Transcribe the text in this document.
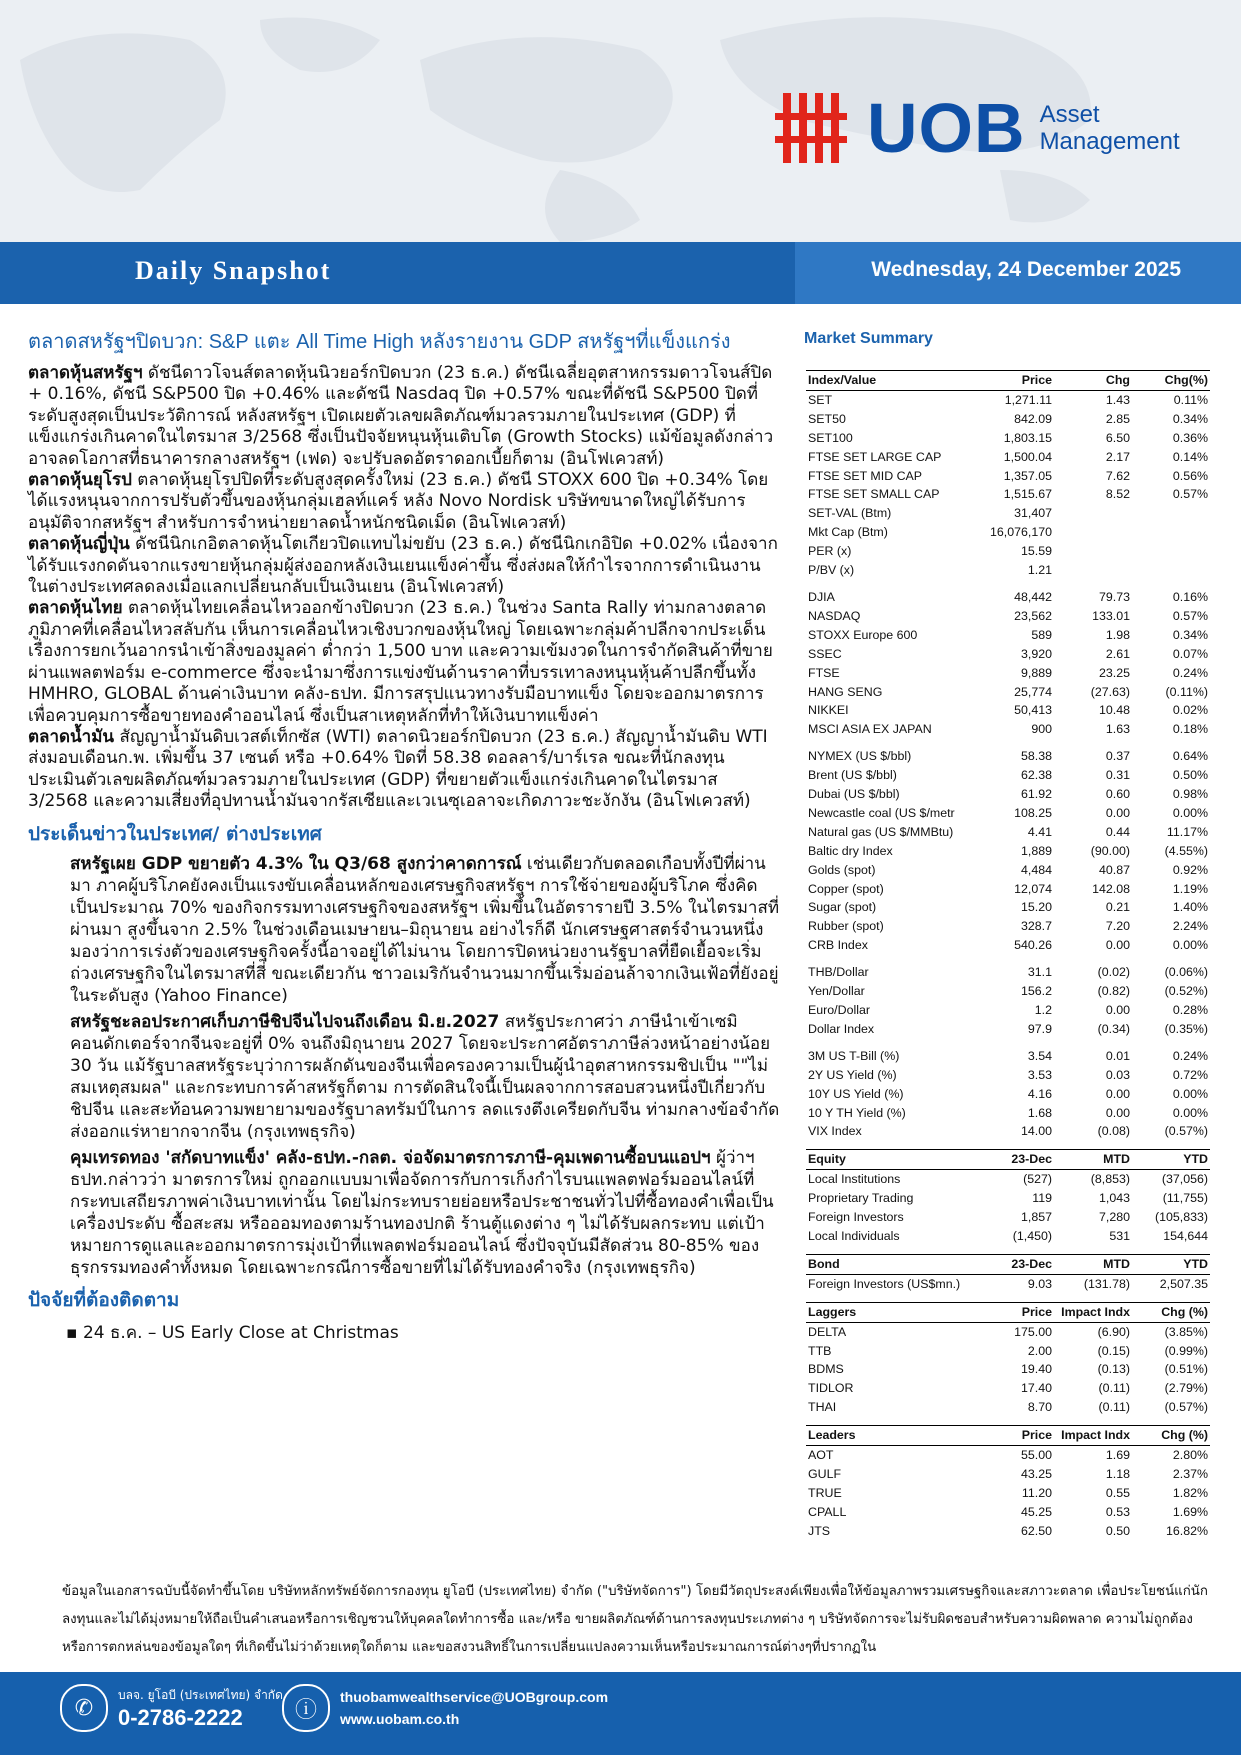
UOB Asset
Management
Daily Snapshot	Wednesday, 24 December 2025
ตลาดสหรัฐฯปิดบวก: S&P แตะ All Time High หลังรายงาน GDP สหรัฐฯที่แข็งแกร่ง

ตลาดหุ้นสหรัฐฯ ดัชนีดาวโจนส์ตลาดหุ้นนิวยอร์กปิดบวก (23 ธ.ค.) ดัชนีเฉลี่ยอุตสาหกรรมดาวโจนส์ปิด + 0.16%, ดัชนี S&P500 ปิด +0.46% และดัชนี Nasdaq ปิด +0.57% ขณะที่ดัชนี S&P500 ปิดที่ระดับสูงสุดเป็นประวัติการณ์ หลังสหรัฐฯ เปิดเผยตัวเลขผลิตภัณฑ์มวลรวมภายในประเทศ (GDP) ที่แข็งแกร่งเกินคาดในไตรมาส 3/2568 ซึ่งเป็นปัจจัยหนุนหุ้นเติบโต (Growth Stocks) แม้ข้อมูลดังกล่าวอาจลดโอกาสที่ธนาคารกลางสหรัฐฯ (เฟด) จะปรับลดอัตราดอกเบี้ยก็ตาม (อินโฟเควสท์)

ตลาดหุ้นยุโรป ตลาดหุ้นยุโรปปิดที่ระดับสูงสุดครั้งใหม่ (23 ธ.ค.) ดัชนี STOXX 600 ปิด +0.34% โดยได้แรงหนุนจากการปรับตัวขึ้นของหุ้นกลุ่มเฮลท์แคร์ หลัง Novo Nordisk บริษัทขนาดใหญ่ได้รับการอนุมัติจากสหรัฐฯ สำหรับการจำหน่ายยาลดน้ำหนักชนิดเม็ด (อินโฟเควสท์)

ตลาดหุ้นญี่ปุ่น ดัชนีนิกเกอิตลาดหุ้นโตเกียวปิดแทบไม่ขยับ (23 ธ.ค.) ดัชนีนิกเกอิปิด +0.02% เนื่องจากได้รับแรงกดดันจากแรงขายหุ้นกลุ่มผู้ส่งออกหลังเงินเยนแข็งค่าขึ้น ซึ่งส่งผลให้กำไรจากการดำเนินงานในต่างประเทศลดลงเมื่อแลกเปลี่ยนกลับเป็นเงินเยน (อินโฟเควสท์)

ตลาดหุ้นไทย ตลาดหุ้นไทยเคลื่อนไหวออกข้างปิดบวก (23 ธ.ค.) ในช่วง Santa Rally ท่ามกลางตลาดภูมิภาคที่เคลื่อนไหวสลับกัน เห็นการเคลื่อนไหวเชิงบวกของหุ้นใหญ่ โดยเฉพาะกลุ่มค้าปลีกจากประเด็นเรื่องการยกเว้นอากรนำเข้าสิ่งของมูลค่า ต่ำกว่า 1,500 บาท และความเข้มงวดในการจำกัดสินค้าที่ขายผ่านแพลตฟอร์ม e-commerce ซึ่งจะนำมาซึ่งการแข่งขันด้านราคาที่บรรเทาลงหนุนหุ้นค้าปลีกขึ้นทั้ง HMHRO, GLOBAL ด้านค่าเงินบาท คลัง-ธปท. มีการสรุปแนวทางรับมือบาทแข็ง โดยจะออกมาตรการเพื่อควบคุมการซื้อขายทองคำออนไลน์ ซึ่งเป็นสาเหตุหลักที่ทำให้เงินบาทแข็งค่า

ตลาดน้ำมัน สัญญาน้ำมันดิบเวสต์เท็กซัส (WTI) ตลาดนิวยอร์กปิดบวก (23 ธ.ค.) สัญญาน้ำมันดิบ WTI ส่งมอบเดือนก.พ. เพิ่มขึ้น 37 เซนต์ หรือ +0.64% ปิดที่ 58.38 ดอลลาร์/บาร์เรล ขณะที่นักลงทุนประเมินตัวเลขผลิตภัณฑ์มวลรวมภายในประเทศ (GDP) ที่ขยายตัวแข็งแกร่งเกินคาดในไตรมาส 3/2568 และความเสี่ยงที่อุปทานน้ำมันจากรัสเซียและเวเนซุเอลาจะเกิดภาวะชะงักงัน (อินโฟเควสท์)

ประเด็นข่าวในประเทศ/ ต่างประเทศ

สหรัฐเผย GDP ขยายตัว 4.3% ใน Q3/68 สูงกว่าคาดการณ์ เช่นเดียวกับตลอดเกือบทั้งปีที่ผ่านมา ภาคผู้บริโภคยังคงเป็นแรงขับเคลื่อนหลักของเศรษฐกิจสหรัฐฯ การใช้จ่ายของผู้บริโภค ซึ่งคิดเป็นประมาณ 70% ของกิจกรรมทางเศรษฐกิจของสหรัฐฯ เพิ่มขึ้นในอัตรารายปี 3.5% ในไตรมาสที่ผ่านมา สูงขึ้นจาก 2.5% ในช่วงเดือนเมษายน–มิถุนายน อย่างไรก็ดี นักเศรษฐศาสตร์จำนวนหนึ่งมองว่าการเร่งตัวของเศรษฐกิจครั้งนี้อาจอยู่ได้ไม่นาน โดยการปิดหน่วยงานรัฐบาลที่ยืดเยื้อจะเริ่มถ่วงเศรษฐกิจในไตรมาสที่สี่ ขณะเดียวกัน ชาวอเมริกันจำนวนมากขึ้นเริ่มอ่อนล้าจากเงินเฟ้อที่ยังอยู่ในระดับสูง (Yahoo Finance)

สหรัฐชะลอประกาศเก็บภาษีชิปจีนไปจนถึงเดือน มิ.ย.2027 สหรัฐประกาศว่า ภาษีนำเข้าเซมิคอนดักเตอร์จากจีนจะอยู่ที่ 0% จนถึงมิถุนายน 2027 โดยจะประกาศอัตราภาษีล่วงหน้าอย่างน้อย 30 วัน แม้รัฐบาลสหรัฐระบุว่าการผลักดันของจีนเพื่อครองความเป็นผู้นำอุตสาหกรรมชิปเป็น ""ไม่สมเหตุสมผล" และกระทบการค้าสหรัฐก็ตาม การตัดสินใจนี้เป็นผลจากการสอบสวนหนึ่งปีเกี่ยวกับชิปจีน และสะท้อนความพยายามของรัฐบาลทรัมป์ในการ ลดแรงตึงเครียดกับจีน ท่ามกลางข้อจำกัดส่งออกแร่หายากจากจีน (กรุงเทพธุรกิจ)

คุมเทรดทอง 'สกัดบาทแข็ง' คลัง-ธปท.-กลต. จ่อจัดมาตรการภาษี-คุมเพดานซื้อบนแอปฯ ผู้ว่าฯ ธปท.กล่าวว่า มาตรการใหม่ ถูกออกแบบมาเพื่อจัดการกับการเก็งกำไรบนแพลตฟอร์มออนไลน์ที่กระทบเสถียรภาพค่าเงินบาทเท่านั้น โดยไม่กระทบรายย่อยหรือประชาชนทั่วไปที่ซื้อทองคำเพื่อเป็นเครื่องประดับ ซื้อสะสม หรือออมทองตามร้านทองปกติ ร้านตู้แดงต่าง ๆ ไม่ได้รับผลกระทบ แต่เป้าหมายการดูแลและออกมาตรการมุ่งเป้าที่แพลตฟอร์มออนไลน์ ซึ่งปัจจุบันมีสัดส่วน 80-85% ของธุรกรรมทองคำทั้งหมด โดยเฉพาะกรณีการซื้อขายที่ไม่ได้รับทองคำจริง (กรุงเทพธุรกิจ)

ปัจจัยที่ต้องติดตาม
▪ 24 ธ.ค. – US Early Close at Christmas
Market Summary
Index/Value	Price	Chg	Chg(%)
SET	1,271.11	1.43	0.11%
SET50	842.09	2.85	0.34%
SET100	1,803.15	6.50	0.36%
FTSE SET LARGE CAP	1,500.04	2.17	0.14%
FTSE SET MID CAP	1,357.05	7.62	0.56%
FTSE SET SMALL CAP	1,515.67	8.52	0.57%
SET-VAL (Btm)	31,407		
Mkt Cap (Btm)	16,076,170		
PER (x)	15.59		
P/BV (x)	1.21		

DJIA	48,442	79.73	0.16%
NASDAQ	23,562	133.01	0.57%
STOXX Europe 600	589	1.98	0.34%
SSEC	3,920	2.61	0.07%
FTSE	9,889	23.25	0.24%
HANG SENG	25,774	(27.63)	(0.11%)
NIKKEI	50,413	10.48	0.02%
MSCI ASIA EX JAPAN	900	1.63	0.18%

NYMEX (US $/bbl)	58.38	0.37	0.64%
Brent (US $/bbl)	62.38	0.31	0.50%
Dubai (US $/bbl)	61.92	0.60	0.98%
Newcastle coal (US $/metr	108.25	0.00	0.00%
Natural gas (US $/MMBtu)	4.41	0.44	11.17%
Baltic dry Index	1,889	(90.00)	(4.55%)
Golds (spot)	4,484	40.87	0.92%
Copper (spot)	12,074	142.08	1.19%
Sugar (spot)	15.20	0.21	1.40%
Rubber (spot)	328.7	7.20	2.24%
CRB Index	540.26	0.00	0.00%

THB/Dollar	31.1	(0.02)	(0.06%)
Yen/Dollar	156.2	(0.82)	(0.52%)
Euro/Dollar	1.2	0.00	0.28%
Dollar Index	97.9	(0.34)	(0.35%)

3M US T-Bill (%)	3.54	0.01	0.24%
2Y US Yield (%)	3.53	0.03	0.72%
10Y US Yield (%)	4.16	0.00	0.00%
10 Y TH Yield (%)	1.68	0.00	0.00%
VIX Index	14.00	(0.08)	(0.57%)

Equity	23-Dec	MTD	YTD
Local Institutions	(527)	(8,853)	(37,056)
Proprietary Trading	119	1,043	(11,755)
Foreign Investors	1,857	7,280	(105,833)
Local Individuals	(1,450)	531	154,644

Bond	23-Dec	MTD	YTD
Foreign Investors (US$mn.)	9.03	(131.78)	2,507.35

Laggers	Price	Impact Indx	Chg (%)
DELTA	175.00	(6.90)	(3.85%)
TTB	2.00	(0.15)	(0.99%)
BDMS	19.40	(0.13)	(0.51%)
TIDLOR	17.40	(0.11)	(2.79%)
THAI	8.70	(0.11)	(0.57%)

Leaders	Price	Impact Indx	Chg (%)
AOT	55.00	1.69	2.80%
GULF	43.25	1.18	2.37%
TRUE	11.20	0.55	1.82%
CPALL	45.25	0.53	1.69%
JTS	62.50	0.50	16.82%
ข้อมูลในเอกสารฉบับนี้จัดทำขึ้นโดย บริษัทหลักทรัพย์จัดการกองทุน ยูโอบี (ประเทศไทย) จำกัด ("บริษัทจัดการ") โดยมีวัตถุประสงค์เพียงเพื่อให้ข้อมูลภาพรวมเศรษฐกิจและสภาวะตลาด เพื่อประโยชน์แก่นักลงทุนและไม่ได้มุ่งหมายให้ถือเป็นคำเสนอหรือการเชิญชวนให้บุคคลใดทำการซื้อ และ/หรือ ขายผลิตภัณฑ์ด้านการลงทุนประเภทต่าง ๆ บริษัทจัดการจะไม่รับผิดชอบสำหรับความผิดพลาด ความไม่ถูกต้อง หรือการตกหล่นของข้อมูลใดๆ ที่เกิดขึ้นไม่ว่าด้วยเหตุใดก็ตาม และขอสงวนสิทธิ์ในการเปลี่ยนแปลงความเห็นหรือประมาณการณ์ต่างๆที่ปรากฏใน
✆
บลจ. ยูโอบี (ประเทศไทย) จำกัด
0-2786-2222	ⓘ
thuobamwealthservice@UOBgroup.com
www.uobam.co.th
